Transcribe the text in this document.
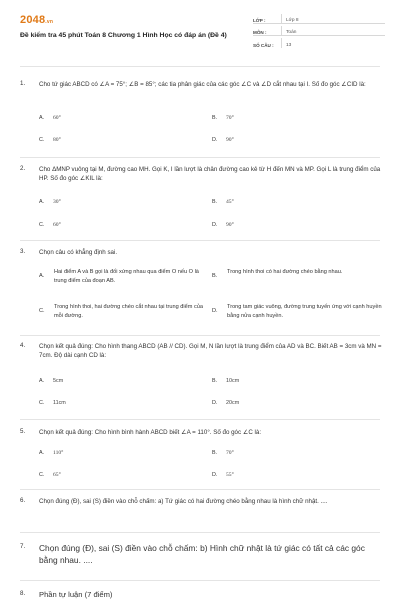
2048.vn
Đề kiểm tra 45 phút Toán 8 Chương 1 Hình Học có đáp án (Đề 4)
LỚP :	Lớp 8
MÔN :	Toán
SỐ CÂU :	13
1. Cho tứ giác ABCD có ∠A = 75°; ∠B = 85°; các tia phân giác của các góc ∠C và ∠D cắt nhau tại I. Số đo góc ∠CID là:
A.	60°	B.	70°
C.	80°	D.	90°
2. Cho ΔMNP vuông tại M, đường cao MH. Gọi K, I lần lượt là chân đường cao kẻ từ H đến MN và MP. Gọi L là trung điểm của HP. Số đo góc ∠KIL là:
A.	30°	B.	45°
C.	60°	D.	90°
3. Chọn câu có khẳng định sai.
A.
Hai điểm A và B gọi là đối xứng nhau qua điểm O nếu O là trung điểm của đoạn AB.
B.
Trong hình thoi có hai đường chéo bằng nhau.
C.
Trong hình thoi, hai đường chéo cắt nhau tại trung điểm của mỗi đường.
D.
Trong tam giác vuông, đường trung tuyến ứng với cạnh huyền bằng nửa cạnh huyền.
4. Chọn kết quả đúng: Cho hình thang ABCD (AB // CD). Gọi M, N lần lượt là trung điểm của AD và BC. Biết AB = 3cm và MN = 7cm. Độ dài cạnh CD là:
A.	5cm	B.	10cm
C.	11cm	D.	20cm
5. Chọn kết quả đúng: Cho hình bình hành ABCD biết ∠A = 110°. Số đo góc ∠C là:
A.	110°	B.	70°
C.	65°	D.	55°
6. Chọn đúng (Đ), sai (S) điền vào chỗ chấm: a) Tứ giác có hai đường chéo bằng nhau là hình chữ nhật. ....
7. Chọn đúng (Đ), sai (S) điền vào chỗ chấm: b) Hình chữ nhật là tứ giác có tất cả các góc bằng nhau. ....
8. Phần tự luận (7 điểm)
